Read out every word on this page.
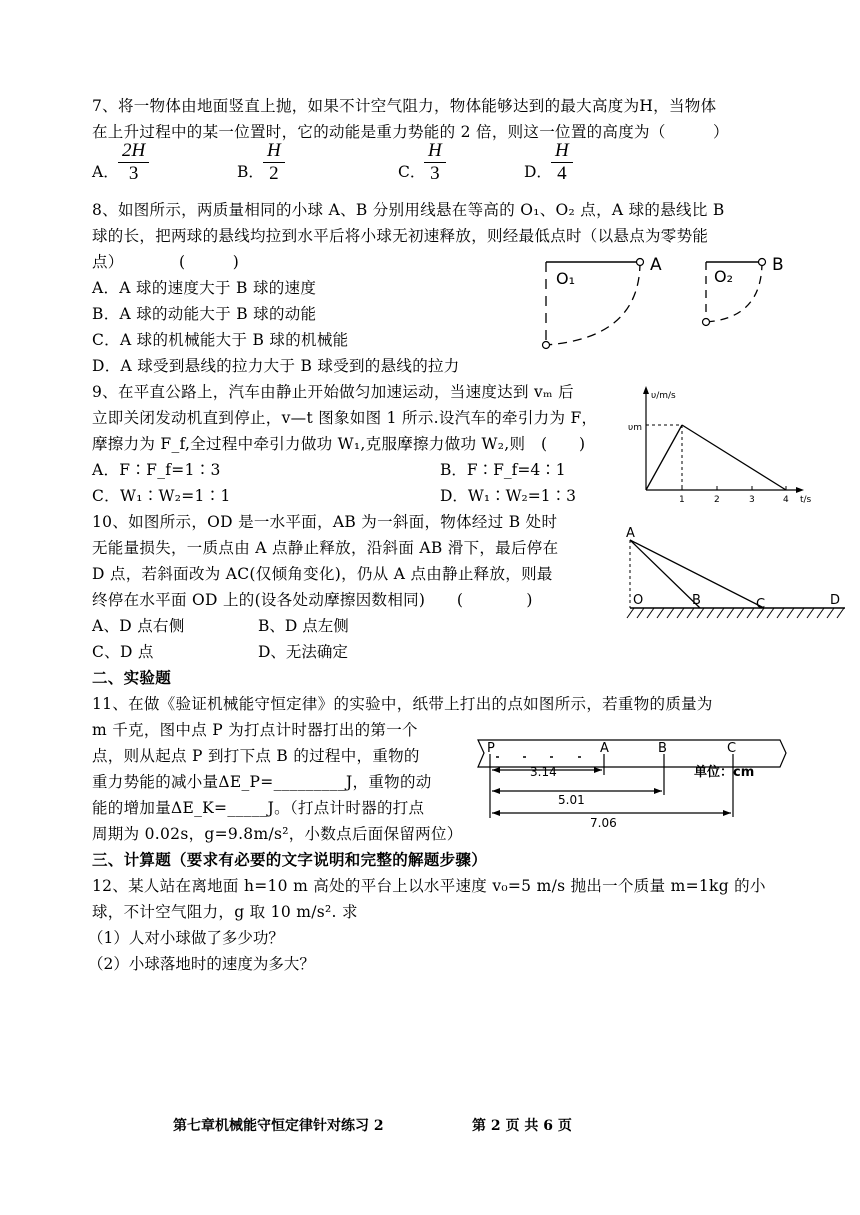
7、将一物体由地面竖直上抛，如果不计空气阻力，物体能够达到的最大高度为H，当物体
在上升过程中的某一位置时，它的动能是重力势能的 2 倍，则这一位置的高度为（　　　）
A． $\frac{2H}{3}$	B． $\frac{H}{2}$	C．
$\frac{H}{3}$	D． $\frac{H}{4}$
8、如图所示，两质量相同的小球 A、B 分别用线悬在等高的 O₁、O₂ 点，A 球的悬线比 B
球的长，把两球的悬线均拉到水平后将小球无初速释放，则经最低点时（以悬点为零势能
点）　　　　(　　　)
A．A 球的速度大于 B 球的速度
B．A 球的动能大于 B 球的动能
C．A 球的机械能大于 B 球的机械能
D．A 球受到悬线的拉力大于 B 球受到的悬线的拉力
O₁
A
O₂
B
9、在平直公路上，汽车由静止开始做匀加速运动，当速度达到 vₘ 后
立即关闭发动机直到停止，v—t 图象如图 1 所示.设汽车的牵引力为 F，
摩擦力为 F_f,全过程中牵引力做功 W₁,克服摩擦力做功 W₂,则　(　　)
A．F∶F_f=1∶3	B．F∶F_f=4∶1
C．W₁∶W₂=1∶1	D．W₁∶W₂=1∶3
υ/m/s
t/s
υm
1	2	3	4
10、如图所示，OD 是一水平面，AB 为一斜面，物体经过 B 处时
无能量损失，一质点由 A 点静止释放，沿斜面 AB 滑下，最后停在
D 点，若斜面改为 AC(仅倾角变化)，仍从 A 点由静止释放，则最
终停在水平面 OD 上的(设各处动摩擦因数相同)　　(　　　　)
A、D 点右侧	B、D 点左侧
C、D 点	D、无法确定
A
O	B	C	D
二、实验题
11、在做《验证机械能守恒定律》的实验中，纸带上打出的点如图所示，若重物的质量为
m 千克，图中点 P 为打点计时器打出的第一个
点，则从起点 P 到打下点 B 的过程中，重物的
重力势能的减小量ΔE_P=_________J，重物的动
能的增加量ΔE_K=_____J。（打点计时器的打点
周期为 0.02s，g=9.8m/s²，小数点后面保留两位）
P	A	B	C
3.14
5.01
7.06
单位：cm
三、计算题（要求有必要的文字说明和完整的解题步骤）
12、某人站在离地面 h=10 m 高处的平台上以水平速度 v₀=5 m/s 抛出一个质量 m=1kg 的小
球，不计空气阻力，g 取 10 m/s². 求
（1）人对小球做了多少功？
（2）小球落地时的速度为多大？
第七章机械能守恒定律针对练习 2	第 2 页 共 6 页
